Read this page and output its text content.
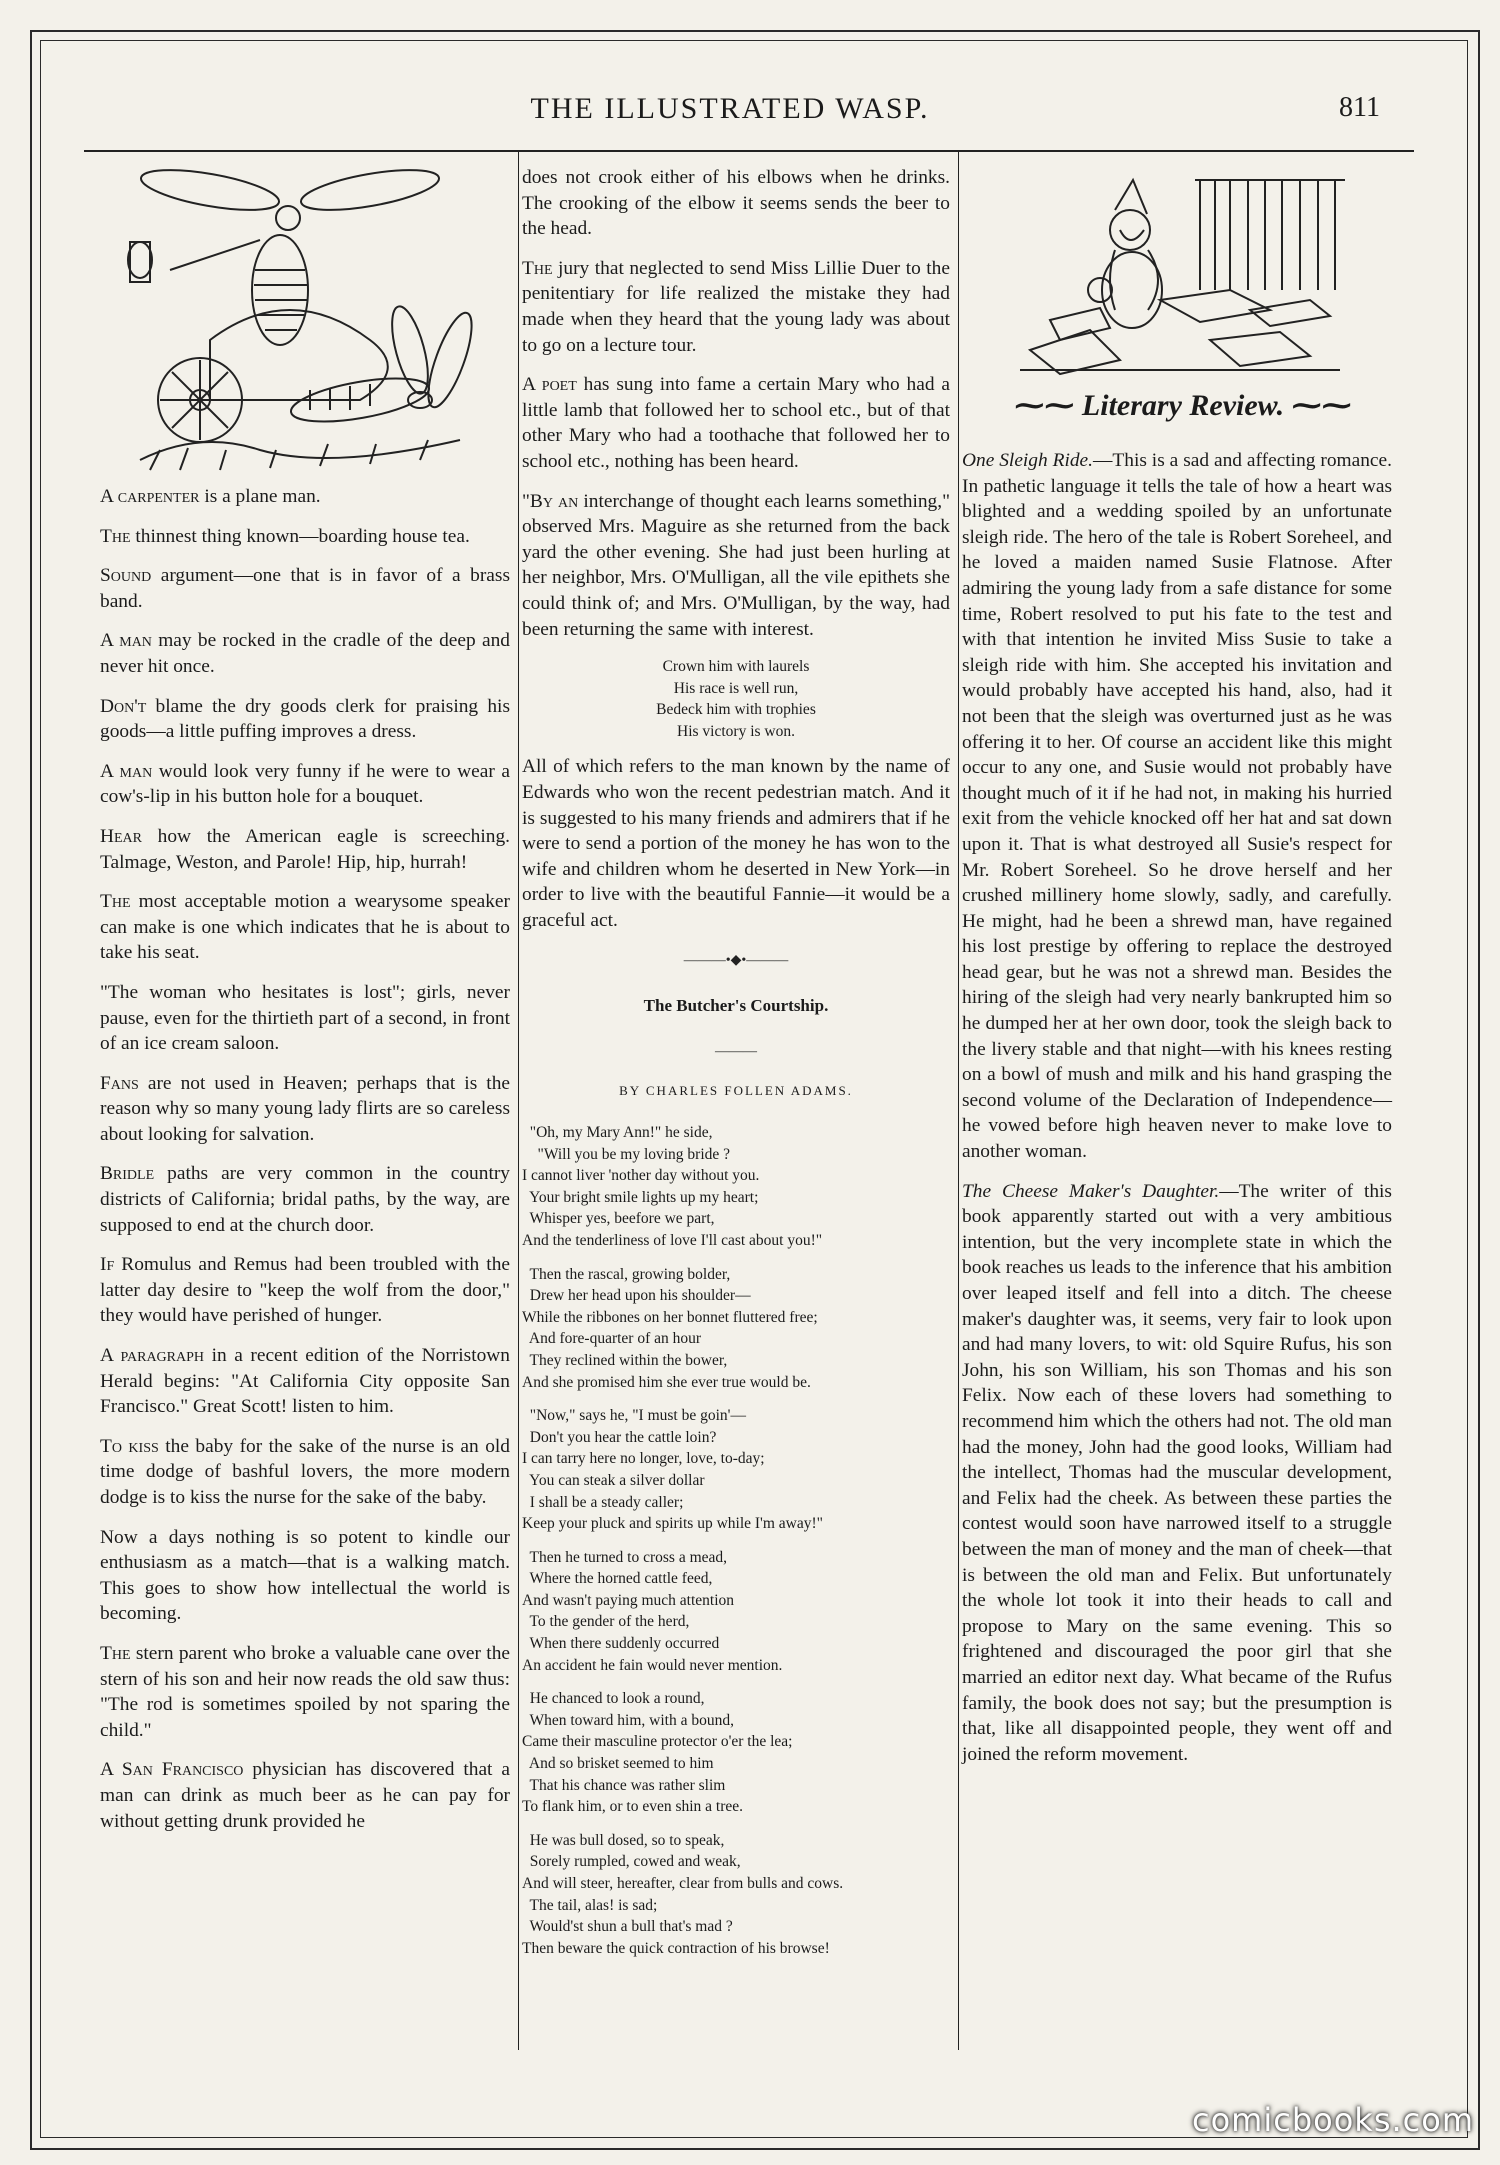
THE ILLUSTRATED WASP.	811
⁓⁓ Literary Review. ⁓⁓

A carpenter is a plane man.

The thinnest thing known—boarding house tea.

Sound argument—one that is in favor of a brass band.

A man may be rocked in the cradle of the deep and never hit once.

Don't blame the dry goods clerk for praising his goods—a little puffing improves a dress.

A man would look very funny if he were to wear a cow's-lip in his button hole for a bouquet.

Hear how the American eagle is screeching. Talmage, Weston, and Parole! Hip, hip, hurrah!

The most acceptable motion a wearysome speaker can make is one which indicates that he is about to take his seat.

"The woman who hesitates is lost"; girls, never pause, even for the thirtieth part of a second, in front of an ice cream saloon.

Fans are not used in Heaven; perhaps that is the reason why so many young lady flirts are so careless about looking for salvation.

Bridle paths are very common in the country districts of California; bridal paths, by the way, are supposed to end at the church door.

If Romulus and Remus had been troubled with the latter day desire to "keep the wolf from the door," they would have perished of hunger.

A paragraph in a recent edition of the Norristown Herald begins: "At California City opposite San Francisco." Great Scott! listen to him.

To kiss the baby for the sake of the nurse is an old time dodge of bashful lovers, the more modern dodge is to kiss the nurse for the sake of the baby.

Now a days nothing is so potent to kindle our enthusiasm as a match—that is a walking match. This goes to show how intellectual the world is becoming.

The stern parent who broke a valuable cane over the stern of his son and heir now reads the old saw thus: "The rod is sometimes spoiled by not sparing the child."

A San Francisco physician has discovered that a man can drink as much beer as he can pay for without getting drunk provided he

does not crook either of his elbows when he drinks. The crooking of the elbow it seems sends the beer to the head.

The jury that neglected to send Miss Lillie Duer to the penitentiary for life realized the mistake they had made when they heard that the young lady was about to go on a lecture tour.

A poet has sung into fame a certain Mary who had a little lamb that followed her to school etc., but of that other Mary who had a toothache that followed her to school etc., nothing has been heard.

"By an interchange of thought each learns something," observed Mrs. Maguire as she returned from the back yard the other evening. She had just been hurling at her neighbor, Mrs. O'Mulligan, all the vile epithets she could think of; and Mrs. O'Mulligan, by the way, had been returning the same with interest.

Crown him with laurels
His race is well run,
Bedeck him with trophies
His victory is won.

All of which refers to the man known by the name of Edwards who won the recent pedestrian match. And it is suggested to his many friends and admirers that if he were to send a portion of the money he has won to the wife and children whom he deserted in New York—in order to live with the beautiful Fannie—it would be a graceful act.

———•◆•———
The Butcher's Courtship.
———
BY CHARLES FOLLEN ADAMS.
"Oh, my Mary Ann!" he side,
"Will you be my loving bride ?
I cannot liver 'nother day without you.
Your bright smile lights up my heart;
Whisper yes, beefore we part,
And the tenderliness of love I'll cast about you!"
Then the rascal, growing bolder,
Drew her head upon his shoulder—
While the ribbones on her bonnet fluttered free;
And fore-quarter of an hour
They reclined within the bower,
And she promised him she ever true would be.
"Now," says he, "I must be goin'—
Don't you hear the cattle loin?
I can tarry here no longer, love, to-day;
You can steak a silver dollar
I shall be a steady caller;
Keep your pluck and spirits up while I'm away!"
Then he turned to cross a mead,
Where the horned cattle feed,
And wasn't paying much attention
To the gender of the herd,
When there suddenly occurred
An accident he fain would never mention.
He chanced to look a round,
When toward him, with a bound,
Came their masculine protector o'er the lea;
And so brisket seemed to him
That his chance was rather slim
To flank him, or to even shin a tree.
He was bull dosed, so to speak,
Sorely rumpled, cowed and weak,
And will steer, hereafter, clear from bulls and cows.
The tail, alas! is sad;
Would'st shun a bull that's mad ?
Then beware the quick contraction of his browse!

One Sleigh Ride.—This is a sad and affecting romance. In pathetic language it tells the tale of how a heart was blighted and a wedding spoiled by an unfortunate sleigh ride. The hero of the tale is Robert Soreheel, and he loved a maiden named Susie Flatnose. After admiring the young lady from a safe distance for some time, Robert resolved to put his fate to the test and with that intention he invited Miss Susie to take a sleigh ride with him. She accepted his invitation and would probably have accepted his hand, also, had it not been that the sleigh was overturned just as he was offering it to her. Of course an accident like this might occur to any one, and Susie would not probably have thought much of it if he had not, in making his hurried exit from the vehicle knocked off her hat and sat down upon it. That is what destroyed all Susie's respect for Mr. Robert Soreheel. So he drove herself and her crushed millinery home slowly, sadly, and carefully. He might, had he been a shrewd man, have regained his lost prestige by offering to replace the destroyed head gear, but he was not a shrewd man. Besides the hiring of the sleigh had very nearly bankrupted him so he dumped her at her own door, took the sleigh back to the livery stable and that night—with his knees resting on a bowl of mush and milk and his hand grasping the second volume of the Declaration of Independence—he vowed before high heaven never to make love to another woman.

The Cheese Maker's Daughter.—The writer of this book apparently started out with a very ambitious intention, but the very incomplete state in which the book reaches us leads to the inference that his ambition over leaped itself and fell into a ditch. The cheese maker's daughter was, it seems, very fair to look upon and had many lovers, to wit: old Squire Rufus, his son John, his son William, his son Thomas and his son Felix. Now each of these lovers had something to recommend him which the others had not. The old man had the money, John had the good looks, William had the intellect, Thomas had the muscular development, and Felix had the cheek. As between these parties the contest would soon have narrowed itself to a struggle between the man of money and the man of cheek—that is between the old man and Felix. But unfortunately the whole lot took it into their heads to call and propose to Mary on the same evening. This so frightened and discouraged the poor girl that she married an editor next day. What became of the Rufus family, the book does not say; but the presumption is that, like all disappointed people, they went off and joined the reform movement.

comicbooks.com
